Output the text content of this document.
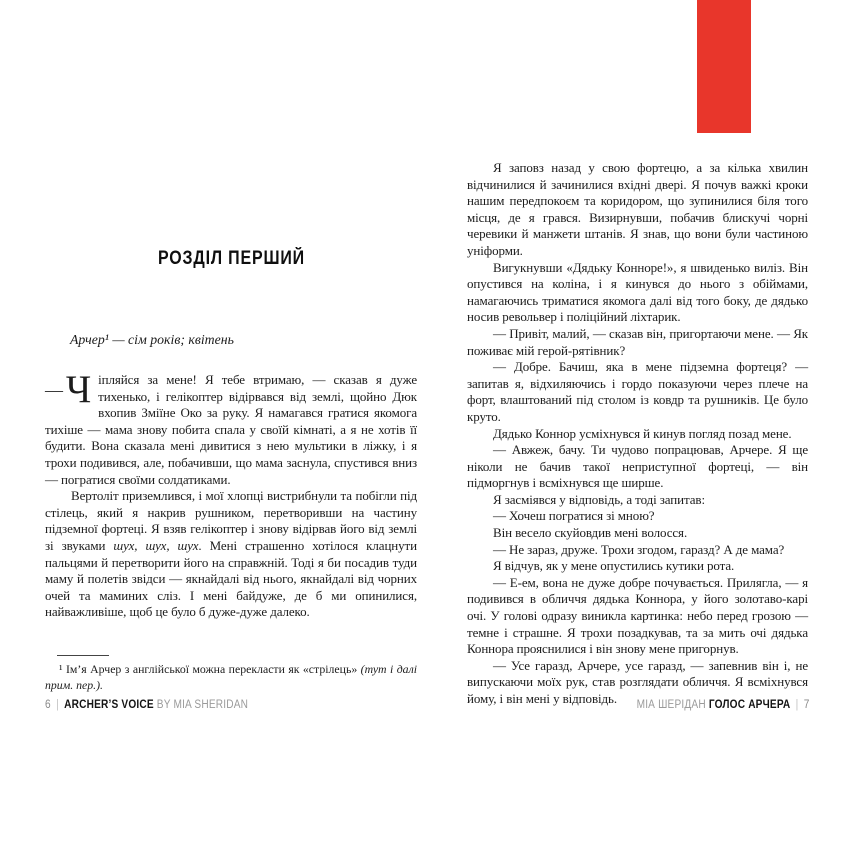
РОЗДІЛ ПЕРШИЙ
Арчер¹ — сім років; квітень

— Ч іпляйся за мене! Я тебе втримаю, — сказав я дуже тихенько, і гелікоптер відірвався від землі, щойно Дюк вхопив Зміїне Око за руку. Я намагався гратися якомога тихіше — мама знову побита спала у своїй кімнаті, а я не хотів її будити. Вона сказала мені дивитися з нею мультики в ліжку, і я трохи подивився, але, побачивши, що мама заснула, спустився вниз — погратися своїми солдатиками.

Вертоліт приземлився, і мої хлопці вистрибнули та побігли під стілець, який я накрив рушником, перетворивши на частину підземної фортеці. Я взяв гелікоптер і знову відірвав його від землі зі звуками шух, шух, шух. Мені страшенно хотілося клацнути пальцями й перетворити його на справжній. Тоді я би посадив туди маму й полетів звідси — якнайдалі від нього, якнайдалі від чорних очей та маминих сліз. І мені байдуже, де б ми опинилися, найважливіше, щоб це було б дуже-дуже далеко.

¹ Ім’я Арчер з англійської можна перекласти як «стрілець» (тут і далі прим. пер.).

6 | ARCHER’S VOICE BY MIA SHERIDAN

Я заповз назад у свою фортецю, а за кілька хвилин відчинилися й зачинилися вхідні двері. Я почув важкі кроки нашим передпокоєм та коридором, що зупинилися біля того місця, де я грався. Визирнувши, побачив блискучі чорні черевики й манжети штанів. Я знав, що вони були частиною уніформи.

Вигукнувши «Дядьку Конноре!», я швиденько виліз. Він опустився на коліна, і я кинувся до нього з обіймами, намагаючись триматися якомога далі від того боку, де дядько носив револьвер і поліційний ліхтарик.

— Привіт, малий, — сказав він, пригортаючи мене. — Як поживає мій герой-рятівник?

— Добре. Бачиш, яка в мене підземна фортеця? — запитав я, відхиляючись і гордо показуючи через плече на форт, влаштований під столом із ковдр та рушників. Це було круто.

Дядько Коннор усміхнувся й кинув погляд позад мене.

— Авжеж, бачу. Ти чудово попрацював, Арчере. Я ще ніколи не бачив такої неприступної фортеці, — він підморгнув і всміхнувся ще ширше.

Я засміявся у відповідь, а тоді запитав:

— Хочеш погратися зі мною?

Він весело скуйовдив мені волосся.

— Не зараз, друже. Трохи згодом, гаразд? А де мама?

Я відчув, як у мене опустились кутики рота.

— Е-ем, вона не дуже добре почувається. Прилягла, — я подивився в обличчя дядька Коннора, у його золотаво-карі очі. У голові одразу виникла картинка: небо перед грозою — темне і страшне. Я трохи позадкував, та за мить очі дядька Коннора прояснилися і він знову мене пригорнув.

— Усе гаразд, Арчере, усе гаразд, — запевнив він і, не випускаючи моїх рук, став розглядати обличчя. Я всміхнувся йому, і він мені у відповідь.	МІА ШЕРІДАН ГОЛОС АРЧЕРА | 7
